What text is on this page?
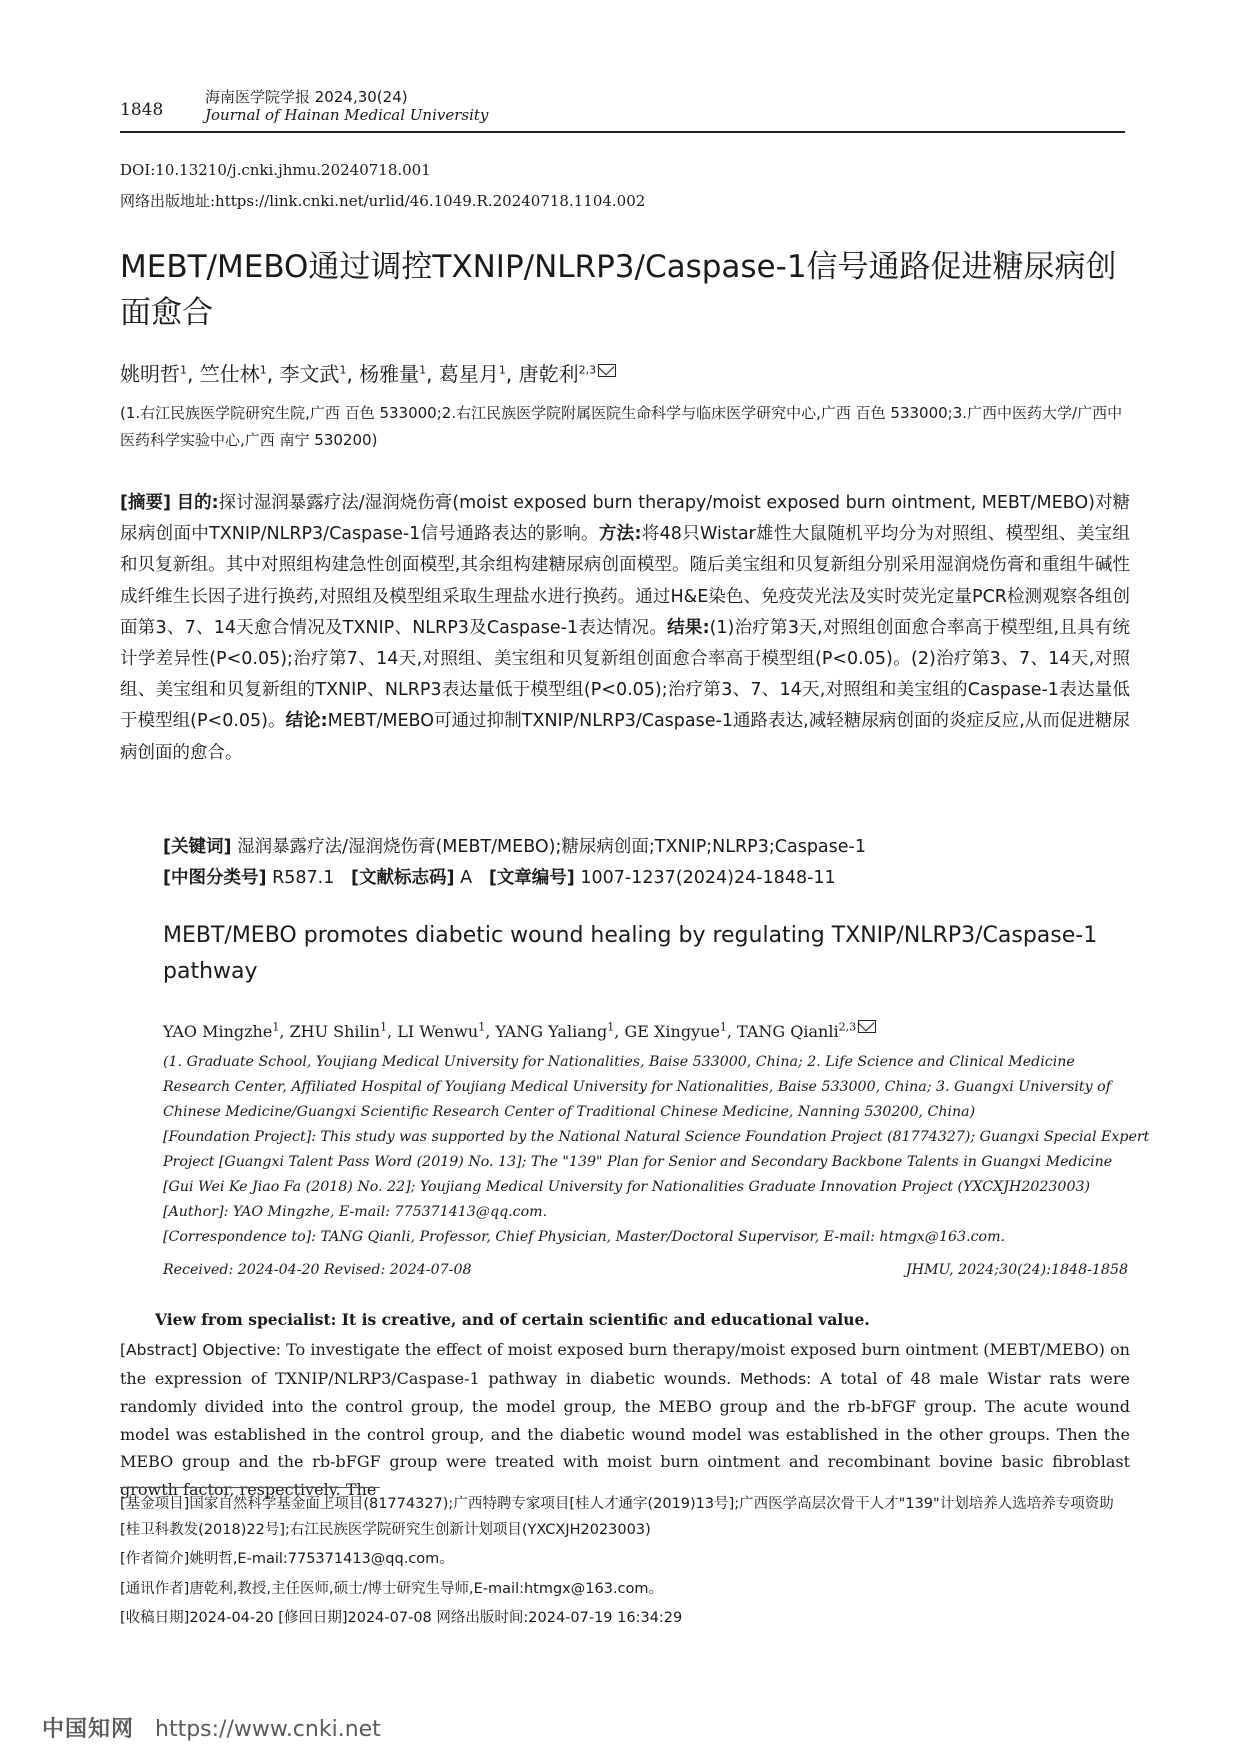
1848
海南医学院学报 2024,30(24)
Journal of Hainan Medical University
DOI:10.13210/j.cnki.jhmu.20240718.001
网络出版地址:https://link.cnki.net/urlid/46.1049.R.20240718.1104.002
MEBT/MEBO通过调控TXNIP/NLRP3/Caspase-1信号通路促进糖尿病创面愈合
姚明哲$^1$, 竺仕林$^1$, 李文武$^1$, 杨雅量$^1$, 葛星月$^1$, 唐乾利$^{2,3}$
(1.右江民族医学院研究生院,广西 百色 533000;2.右江民族医学院附属医院生命科学与临床医学研究中心,广西 百色 533000;3.广西中医药大学/广西中医药科学实验中心,广西 南宁 530200)
[摘要] 目的:探讨湿润暴露疗法/湿润烧伤膏(moist exposed burn therapy/moist exposed burn ointment, MEBT/MEBO)对糖尿病创面中TXNIP/NLRP3/Caspase-1信号通路表达的影响。方法:将48只Wistar雄性大鼠随机平均分为对照组、模型组、美宝组和贝复新组。其中对照组构建急性创面模型,其余组构建糖尿病创面模型。随后美宝组和贝复新组分别采用湿润烧伤膏和重组牛碱性成纤维生长因子进行换药,对照组及模型组采取生理盐水进行换药。通过H&E染色、免疫荧光法及实时荧光定量PCR检测观察各组创面第3、7、14天愈合情况及TXNIP、NLRP3及Caspase-1表达情况。结果:(1)治疗第3天,对照组创面愈合率高于模型组,且具有统计学差异性(P<0.05);治疗第7、14天,对照组、美宝组和贝复新组创面愈合率高于模型组(P<0.05)。(2)治疗第3、7、14天,对照组、美宝组和贝复新组的TXNIP、NLRP3表达量低于模型组(P<0.05);治疗第3、7、14天,对照组和美宝组的Caspase-1表达量低于模型组(P<0.05)。结论:MEBT/MEBO可通过抑制TXNIP/NLRP3/Caspase-1通路表达,减轻糖尿病创面的炎症反应,从而促进糖尿病创面的愈合。
[关键词] 湿润暴露疗法/湿润烧伤膏(MEBT/MEBO);糖尿病创面;TXNIP;NLRP3;Caspase-1
[中图分类号] R587.1 [文献标志码] A [文章编号] 1007-1237(2024)24-1848-11
MEBT/MEBO promotes diabetic wound healing by regulating TXNIP/NLRP3/Caspase-1 pathway
YAO Mingzhe$^1$, ZHU Shilin$^1$, LI Wenwu$^1$, YANG Yaliang$^1$, GE Xingyue$^1$, TANG Qianli$^{2,3}$
(1. Graduate School, Youjiang Medical University for Nationalities, Baise 533000, China; 2. Life Science and Clinical Medicine
Research Center, Affiliated Hospital of Youjiang Medical University for Nationalities, Baise 533000, China; 3. Guangxi University of
Chinese Medicine/Guangxi Scientific Research Center of Traditional Chinese Medicine, Nanning 530200, China)
[Foundation Project]: This study was supported by the National Natural Science Foundation Project (81774327); Guangxi Special Expert
Project [Guangxi Talent Pass Word (2019) No. 13]; The "139" Plan for Senior and Secondary Backbone Talents in Guangxi Medicine
[Gui Wei Ke Jiao Fa (2018) No. 22]; Youjiang Medical University for Nationalities Graduate Innovation Project (YXCXJH2023003)
[Author]: YAO Mingzhe, E-mail: 775371413@qq.com.
[Correspondence to]: TANG Qianli, Professor, Chief Physician, Master/Doctoral Supervisor, E-mail: htmgx@163.com.
Received: 2024-04-20 Revised: 2024-07-08	JHMU, 2024;30(24):1848-1858
View from specialist: It is creative, and of certain scientific and educational value.
[Abstract] Objective: To investigate the effect of moist exposed burn therapy/moist exposed burn ointment (MEBT/MEBO) on the expression of TXNIP/NLRP3/Caspase-1 pathway in diabetic wounds. Methods: A total of 48 male Wistar rats were randomly divided into the control group, the model group, the MEBO group and the rb-bFGF group. The acute wound model was established in the control group, and the diabetic wound model was established in the other groups. Then the MEBO group and the rb-bFGF group were treated with moist burn ointment and recombinant bovine basic fibroblast growth factor, respectively. The
[基金项目]国家自然科学基金面上项目(81774327);广西特聘专家项目[桂人才通字(2019)13号];广西医学高层次骨干人才"139"计划培养人选培养专项资助[桂卫科教发(2018)22号];右江民族医学院研究生创新计划项目(YXCXJH2023003)
[作者简介]姚明哲,E-mail:775371413@qq.com。
[通讯作者]唐乾利,教授,主任医师,硕士/博士研究生导师,E-mail:htmgx@163.com。
[收稿日期]2024-04-20 [修回日期]2024-07-08 网络出版时间:2024-07-19 16:34:29
中国知网 https://www.cnki.net
